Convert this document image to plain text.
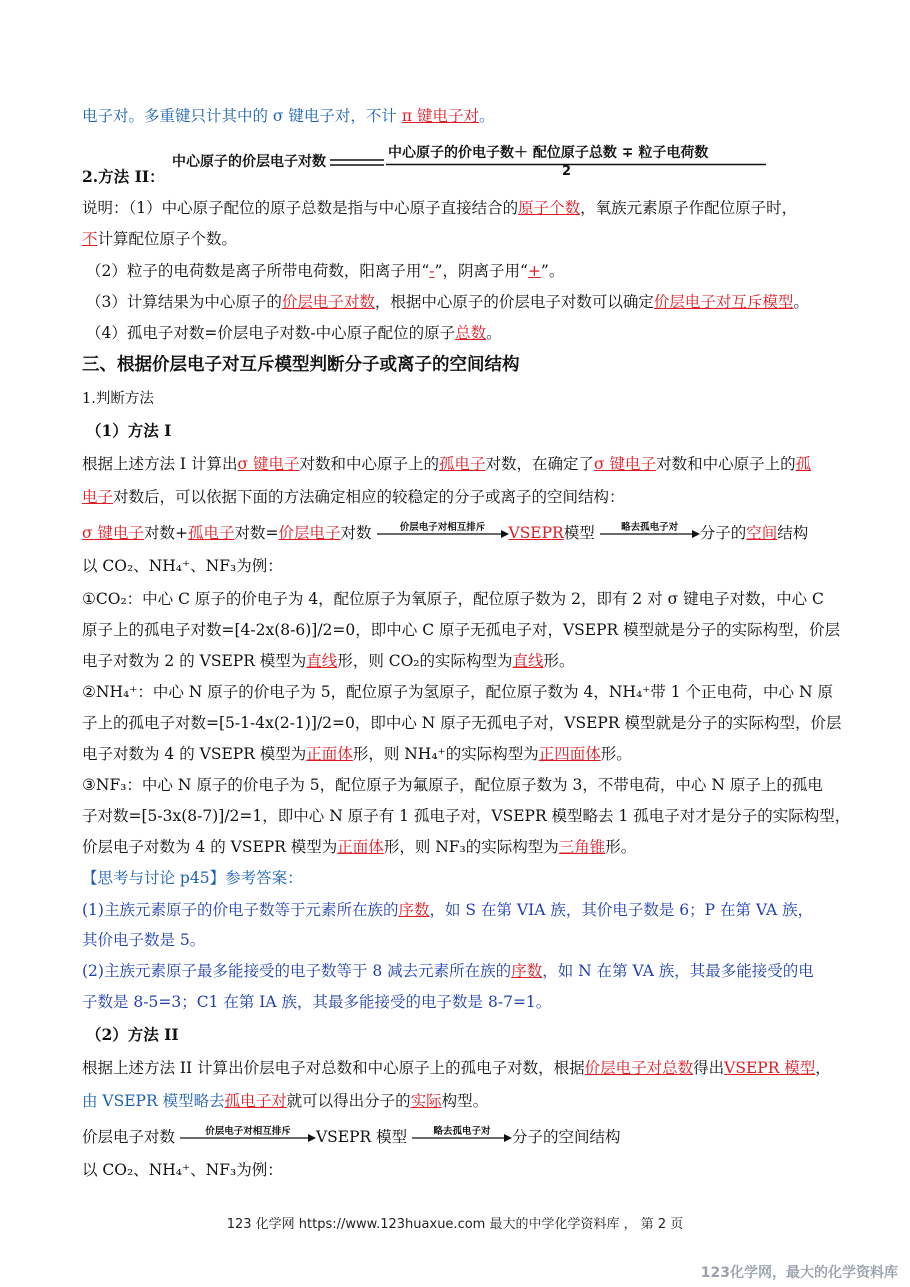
电子对。多重键只计其中的 σ 键电子对，不计 π 键电子对。
中心原子的价层电子对数
中心原子的价电子数＋ 配位原子总数 ∓ 粒子电荷数
2
2.方法 II：
说明：（1）中心原子配位的原子总数是指与中心原子直接结合的原子个数，氧族元素原子作配位原子时，
不计算配位原子个数。
（2）粒子的电荷数是离子所带电荷数，阳离子用“-”，阴离子用“+”。
（3）计算结果为中心原子的价层电子对数，根据中心原子的价层电子对数可以确定价层电子对互斥模型。
（4）孤电子对数=价层电子对数-中心原子配位的原子总数。
三、根据价层电子对互斥模型判断分子或离子的空间结构
1.判断方法
（1）方法 I
根据上述方法 I 计算出σ 键电子对数和中心原子上的孤电子对数，在确定了σ 键电子对数和中心原子上的孤
电子对数后，可以依据下面的方法确定相应的较稳定的分子或离子的空间结构：
σ 键电子对数+孤电子对数=价层电子对数	价层电子对相互排斥	VSEPR模型	略去孤电子对	分子的空间结构
以 CO₂、NH₄⁺、NF₃为例：
①CO₂：中心 C 原子的价电子为 4，配位原子为氧原子，配位原子数为 2，即有 2 对 σ 键电子对数，中心 C
原子上的孤电子对数=[4-2x(8-6)]/2=0，即中心 C 原子无孤电子对，VSEPR 模型就是分子的实际构型，价层
电子对数为 2 的 VSEPR 模型为直线形，则 CO₂的实际构型为直线形。
②NH₄⁺：中心 N 原子的价电子为 5，配位原子为氢原子，配位原子数为 4，NH₄⁺带 1 个正电荷，中心 N 原
子上的孤电子对数=[5-1-4x(2-1)]/2=0，即中心 N 原子无孤电子对，VSEPR 模型就是分子的实际构型，价层
电子对数为 4 的 VSEPR 模型为正面体形，则 NH₄⁺的实际构型为正四面体形。
③NF₃：中心 N 原子的价电子为 5，配位原子为氟原子，配位原子数为 3，不带电荷，中心 N 原子上的孤电
子对数=[5-3x(8-7)]/2=1，即中心 N 原子有 1 孤电子对，VSEPR 模型略去 1 孤电子对才是分子的实际构型，
价层电子对数为 4 的 VSEPR 模型为正面体形，则 NF₃的实际构型为三角锥形。
【思考与讨论 p45】参考答案：
(1)主族元素原子的价电子数等于元素所在族的序数，如 S 在第 VIA 族，其价电子数是 6；P 在第 VA 族，
其价电子数是 5。
(2)主族元素原子最多能接受的电子数等于 8 减去元素所在族的序数，如 N 在第 VA 族，其最多能接受的电
子数是 8-5=3；C1 在第 IA 族，其最多能接受的电子数是 8-7=1。
（2）方法 II
根据上述方法 II 计算出价层电子对总数和中心原子上的孤电子对数，根据价层电子对总数得出VSEPR 模型，
由 VSEPR 模型略去孤电子对就可以得出分子的实际构型。
价层电子对数	价层电子对相互排斥	VSEPR 模型	略去孤电子对	分子的空间结构
以 CO₂、NH₄⁺、NF₃为例：
123 化学网 https://www.123huaxue.com 最大的中学化学资料库 ， 第 2 页
123化学网，最大的化学资料库
